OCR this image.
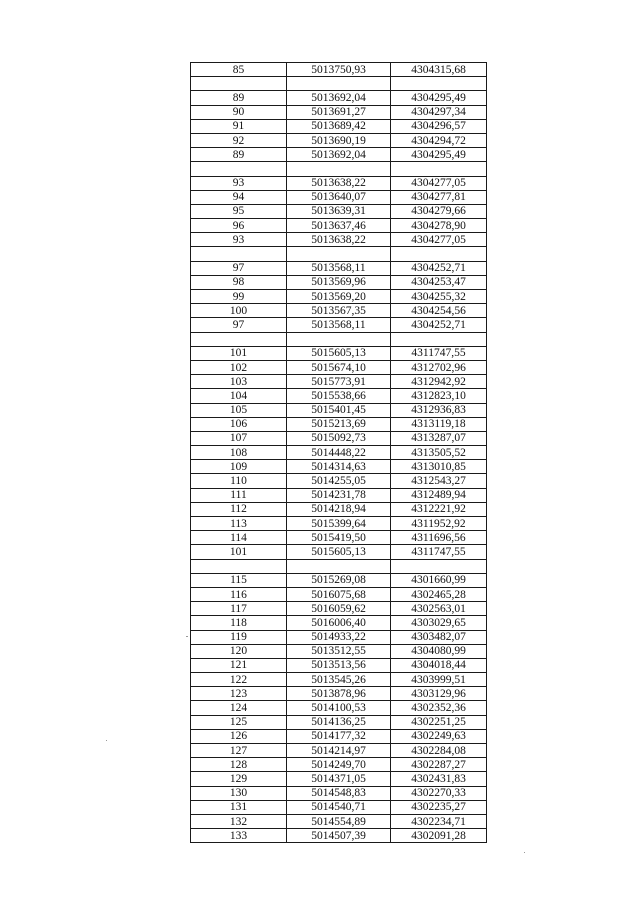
85	5013750,93	4304315,68

89	5013692,04	4304295,49
90	5013691,27	4304297,34
91	5013689,42	4304296,57
92	5013690,19	4304294,72
89	5013692,04	4304295,49

93	5013638,22	4304277,05
94	5013640,07	4304277,81
95	5013639,31	4304279,66
96	5013637,46	4304278,90
93	5013638,22	4304277,05

97	5013568,11	4304252,71
98	5013569,96	4304253,47
99	5013569,20	4304255,32
100	5013567,35	4304254,56
97	5013568,11	4304252,71

101	5015605,13	4311747,55
102	5015674,10	4312702,96
103	5015773,91	4312942,92
104	5015538,66	4312823,10
105	5015401,45	4312936,83
106	5015213,69	4313119,18
107	5015092,73	4313287,07
108	5014448,22	4313505,52
109	5014314,63	4313010,85
110	5014255,05	4312543,27
111	5014231,78	4312489,94
112	5014218,94	4312221,92
113	5015399,64	4311952,92
114	5015419,50	4311696,56
101	5015605,13	4311747,55

115	5015269,08	4301660,99
116	5016075,68	4302465,28
117	5016059,62	4302563,01
118	5016006,40	4303029,65
119	5014933,22	4303482,07
120	5013512,55	4304080,99
121	5013513,56	4304018,44
122	5013545,26	4303999,51
123	5013878,96	4303129,96
124	5014100,53	4302352,36
125	5014136,25	4302251,25
126	5014177,32	4302249,63
127	5014214,97	4302284,08
128	5014249,70	4302287,27
129	5014371,05	4302431,83
130	5014548,83	4302270,33
131	5014540,71	4302235,27
132	5014554,89	4302234,71
133	5014507,39	4302091,28
